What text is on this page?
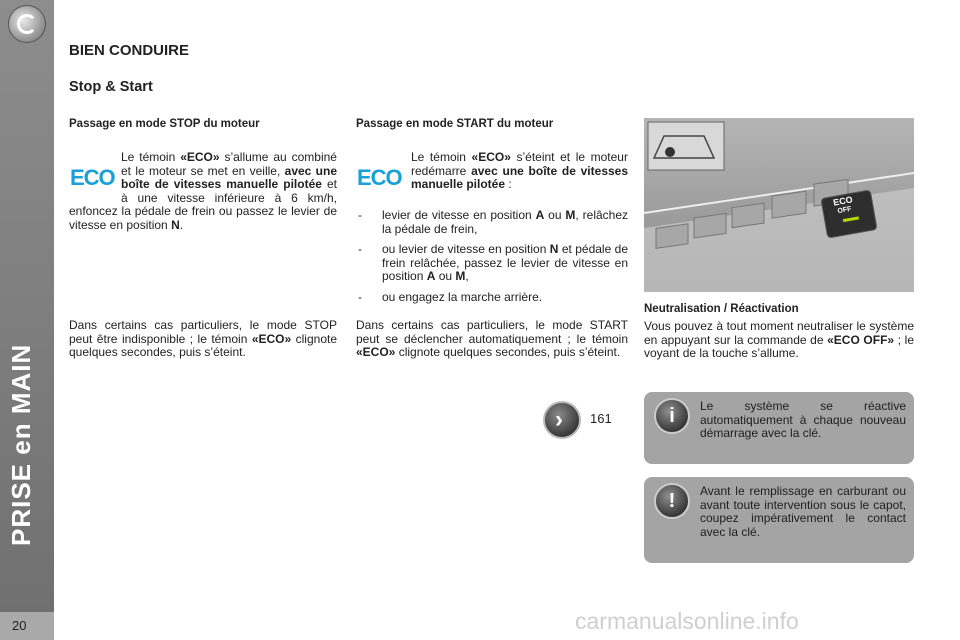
PRISE en MAIN
20
BIEN CONDUIRE
Stop & Start
Passage en mode STOP du moteur
ECO
Le témoin «ECO» s’allume au combiné et le moteur se met en veille, avec une boîte de vitesses manuelle pilotée et à une vitesse inférieure à 6 km/h, enfoncez la pédale de frein ou passez le levier de vitesse en position N.
Dans certains cas particuliers, le mode STOP peut être indisponible ; le témoin «ECO» clignote quelques secondes, puis s’éteint.
Passage en mode START du moteur
ECO
Le témoin «ECO» s’éteint et le moteur redémarre avec une boîte de vitesses manuelle pilotée :
- levier de vitesse en position A ou M, relâchez la pédale de frein,
- ou levier de vitesse en position N et pédale de frein relâchée, passez le levier de vitesse en position A ou M,
- ou engagez la marche arrière.
Dans certains cas particuliers, le mode START peut se déclencher automatiquement ; le témoin «ECO» clignote quelques secondes, puis s’éteint.
› 161
ECO
OFF
Neutralisation / Réactivation
Vous pouvez à tout moment neutraliser le système en appuyant sur la commande de «ECO OFF» ; le voyant de la touche s’allume.
i	Le système se réactive automatiquement à chaque nouveau démarrage avec la clé.
!	Avant le remplissage en carburant ou avant toute intervention sous le capot, coupez impérativement le contact avec la clé.
carmanualsonline.info
